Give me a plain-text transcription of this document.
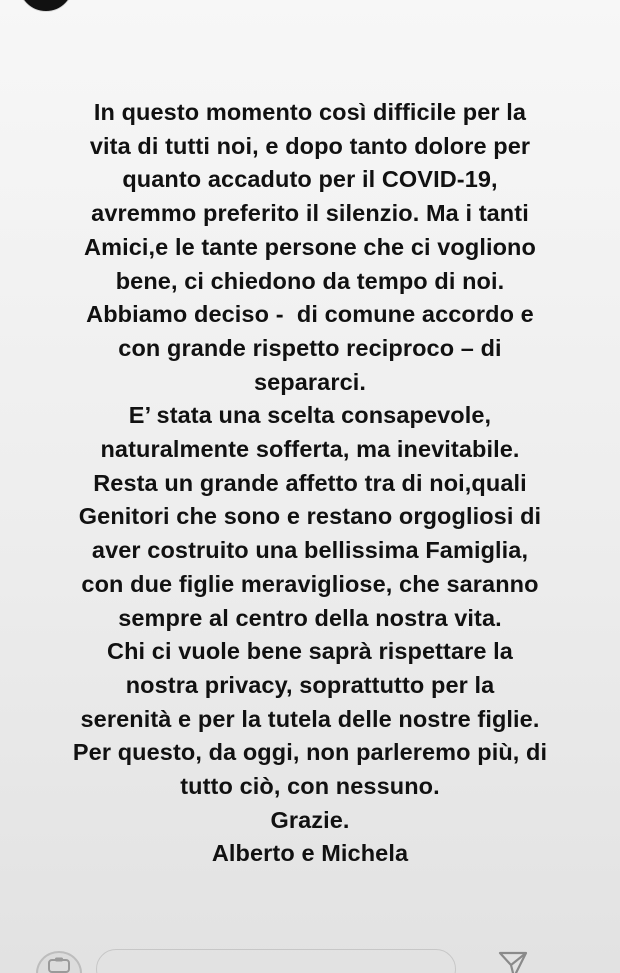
In questo momento così difficile per la
vita di tutti noi, e dopo tanto dolore per
quanto accaduto per il COVID-19,
avremmo preferito il silenzio. Ma i tanti
Amici,e le tante persone che ci vogliono
bene, ci chiedono da tempo di noi.
Abbiamo deciso -  di comune accordo e
con grande rispetto reciproco – di
separarci.
E’ stata una scelta consapevole,
naturalmente sofferta, ma inevitabile.
Resta un grande affetto tra di noi,quali
Genitori che sono e restano orgogliosi di
aver costruito una bellissima Famiglia,
con due figlie meravigliose, che saranno
sempre al centro della nostra vita.
Chi ci vuole bene saprà rispettare la
nostra privacy, soprattutto per la
serenità e per la tutela delle nostre figlie.
Per questo, da oggi, non parleremo più, di
tutto ciò, con nessuno.
Grazie.
Alberto e Michela
